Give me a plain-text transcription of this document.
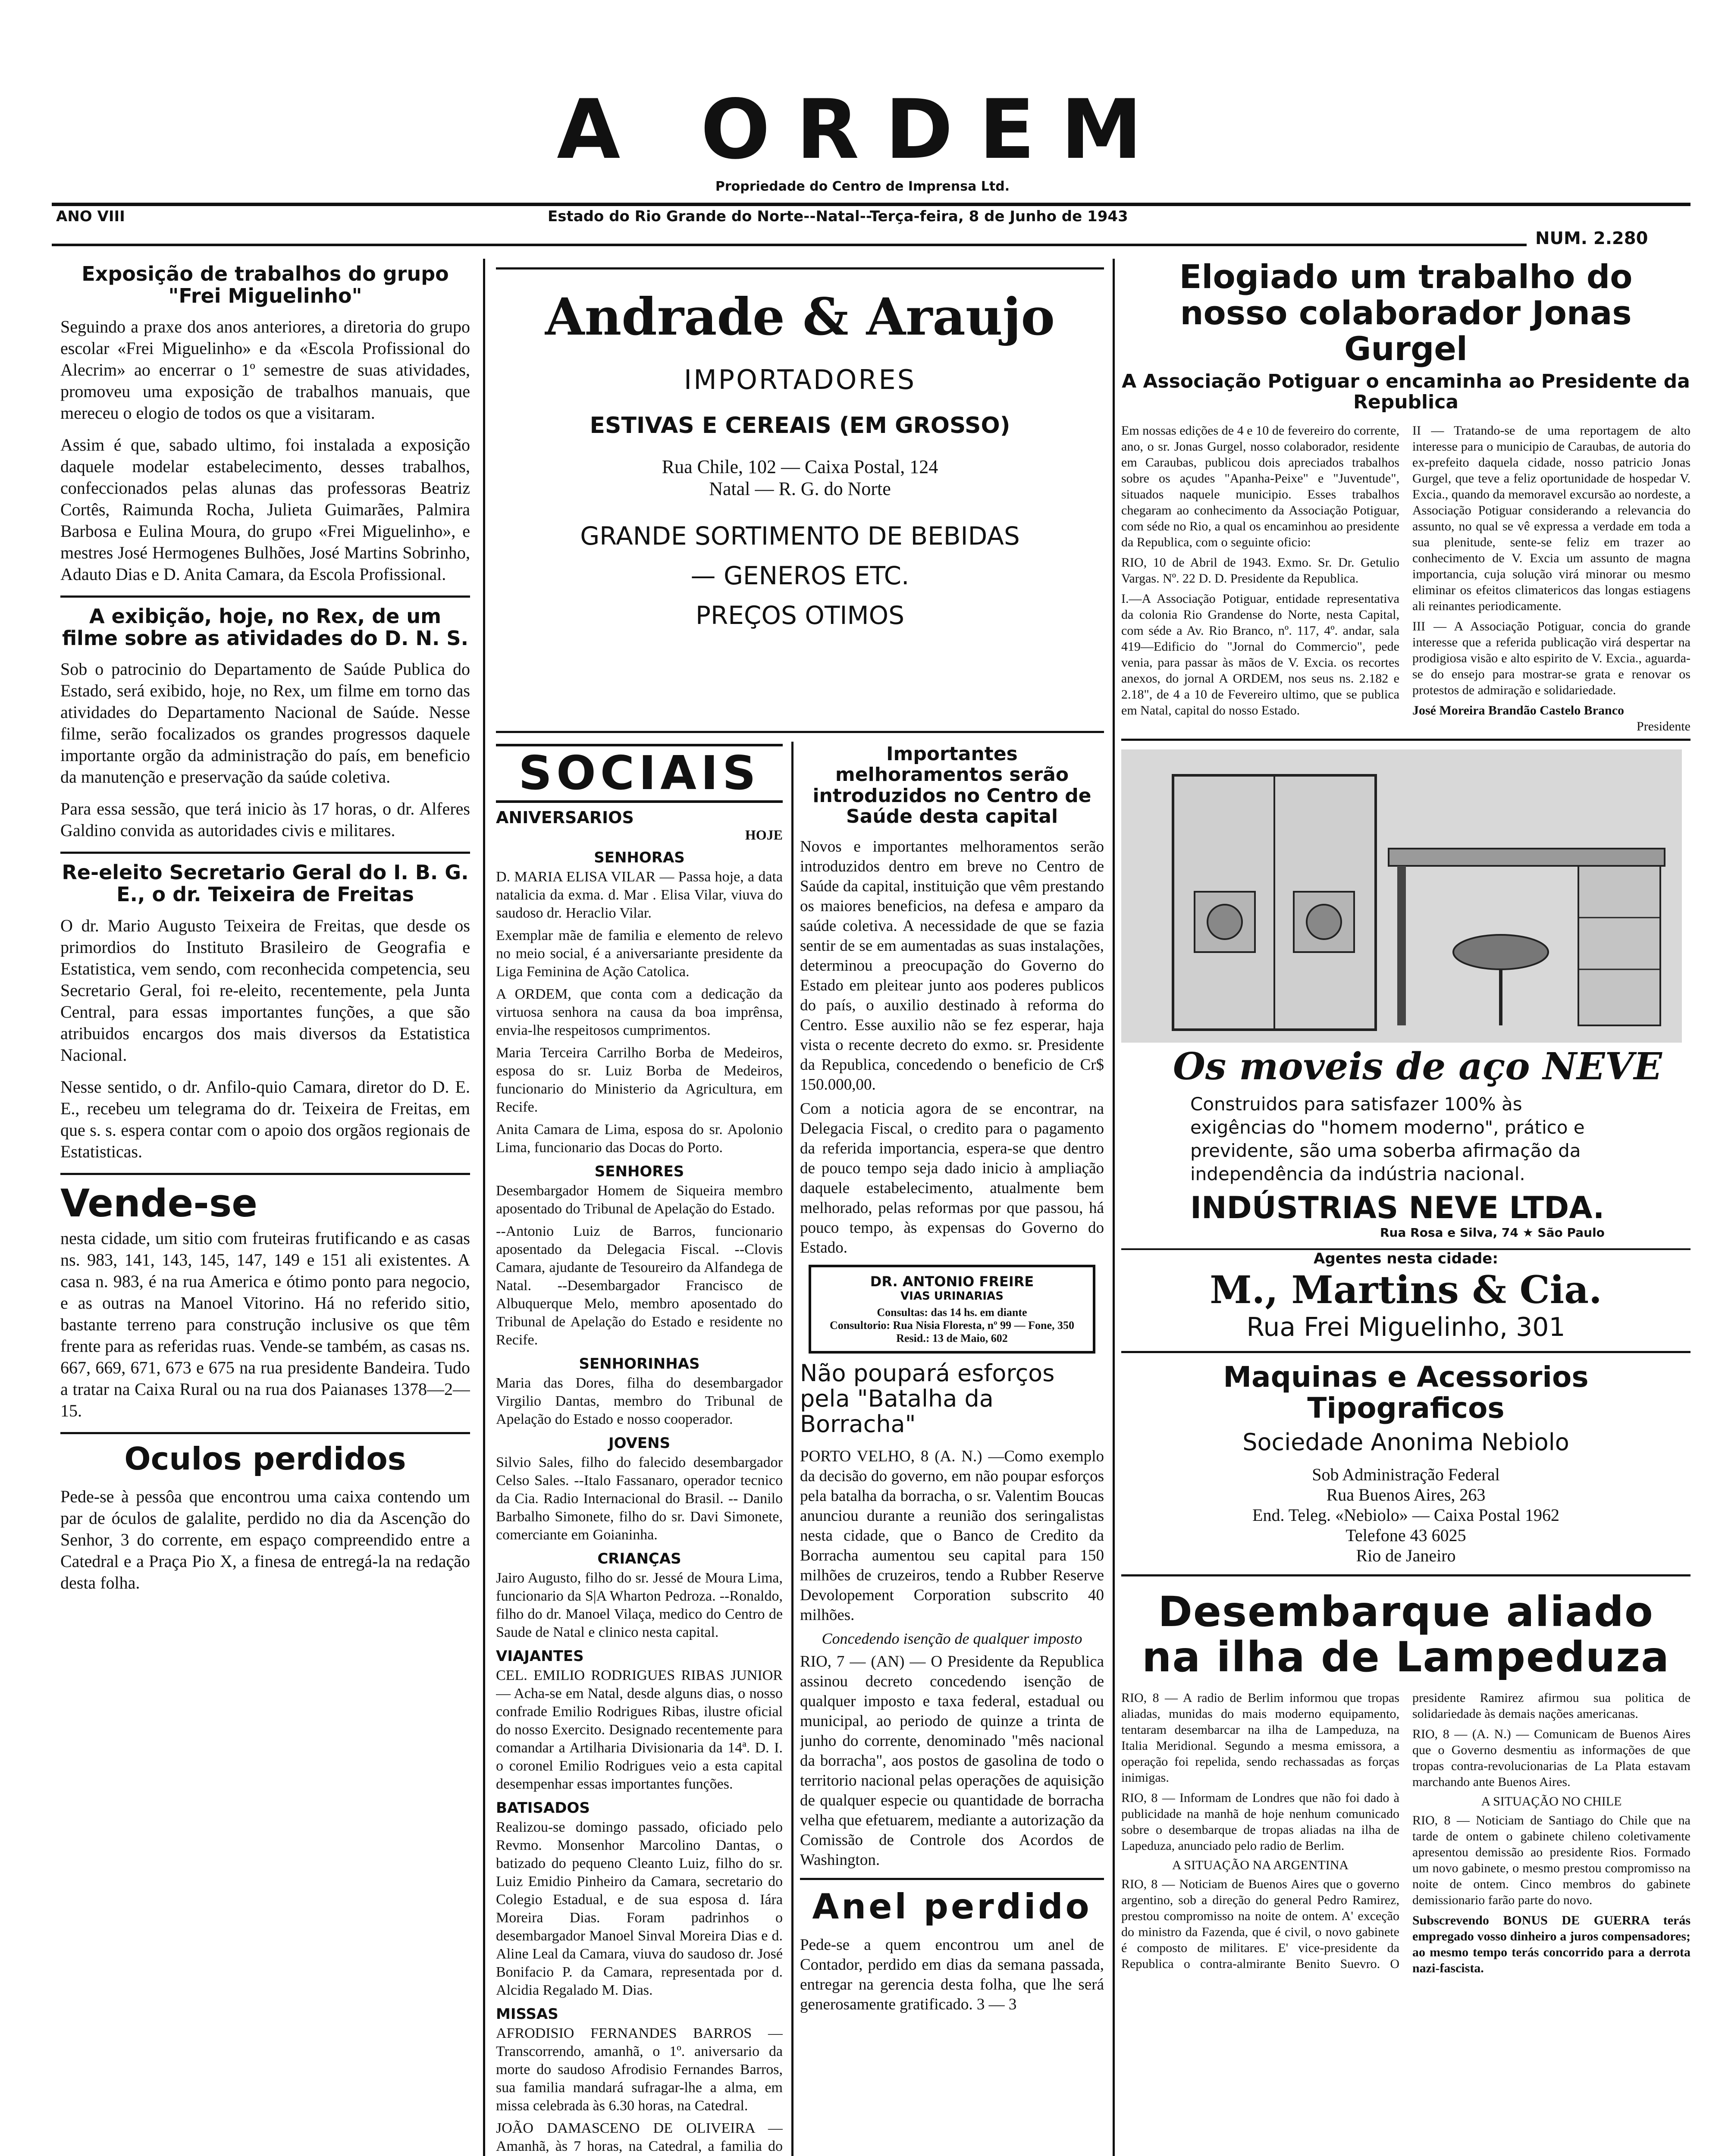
A ORDEM
Propriedade do Centro de Imprensa Ltd.
ANO VIII	Estado do Rio Grande do Norte--Natal--Terça-feira, 8 de Junho de 1943
NUM. 2.280
Exposição de trabalhos do grupo "Frei Miguelinho"

Seguindo a praxe dos anos anteriores, a diretoria do grupo escolar «Frei Miguelinho» e da «Escola Profissional do Alecrim» ao encerrar o 1º semestre de suas atividades, promoveu uma exposição de trabalhos manuais, que mereceu o elogio de todos os que a visitaram.

Assim é que, sabado ultimo, foi instalada a exposição daquele modelar estabelecimento, desses trabalhos, confeccionados pelas alunas das professoras Beatriz Cortês, Raimunda Rocha, Julieta Guimarães, Palmira Barbosa e Eulina Moura, do grupo «Frei Miguelinho», e mestres José Hermogenes Bulhões, José Martins Sobrinho, Adauto Dias e D. Anita Camara, da Escola Profissional.

A exibição, hoje, no Rex, de um filme sobre as atividades do D. N. S.

Sob o patrocinio do Departamento de Saúde Publica do Estado, será exibido, hoje, no Rex, um filme em torno das atividades do Departamento Nacional de Saúde. Nesse filme, serão focalizados os grandes progressos daquele importante orgão da administração do país, em beneficio da manutenção e preservação da saúde coletiva.

Para essa sessão, que terá inicio às 17 horas, o dr. Alferes Galdino convida as autoridades civis e militares.

Re-eleito Secretario Geral do I. B. G. E., o dr. Teixeira de Freitas

O dr. Mario Augusto Teixeira de Freitas, que desde os primordios do Instituto Brasileiro de Geografia e Estatistica, vem sendo, com reconhecida competencia, seu Secretario Geral, foi re-eleito, recentemente, pela Junta Central, para essas importantes funções, a que são atribuidos encargos dos mais diversos da Estatistica Nacional.

Nesse sentido, o dr. Anfilo-quio Camara, diretor do D. E. E., recebeu um telegrama do dr. Teixeira de Freitas, em que s. s. espera contar com o apoio dos orgãos regionais de Estatisticas.

Vende-se

nesta cidade, um sitio com fruteiras frutificando e as casas ns. 983, 141, 143, 145, 147, 149 e 151 ali existentes. A casa n. 983, é na rua America e ótimo ponto para negocio, e as outras na Manoel Vitorino. Há no referido sitio, bastante terreno para construção inclusive os que têm frente para as referidas ruas. Vende-se também, as casas ns. 667, 669, 671, 673 e 675 na rua presidente Bandeira. Tudo a tratar na Caixa Rural ou na rua dos Paianases 1378—2—15.

Oculos perdidos

Pede-se à pessôa que encontrou uma caixa contendo um par de óculos de galalite, perdido no dia da Ascenção do Senhor, 3 do corrente, em espaço compreendido entre a Catedral e a Praça Pio X, a finesa de entregá-la na redação desta folha.

Andrade & Araujo
IMPORTADORES
ESTIVAS E CEREAIS (EM GROSSO)
Rua Chile, 102 — Caixa Postal, 124
Natal — R. G. do Norte
GRANDE SORTIMENTO DE BEBIDAS
— GENEROS ETC.
PREÇOS OTIMOS
SOCIAIS
ANIVERSARIOS
HOJE
SENHORAS

D. MARIA ELISA VILAR — Passa hoje, a data natalicia da exma. d. Mar . Elisa Vilar, viuva do saudoso dr. Heraclio Vilar.

Exemplar mãe de familia e elemento de relevo no meio social, é a aniversariante presidente da Liga Feminina de Ação Catolica.

A ORDEM, que conta com a dedicação da virtuosa senhora na causa da boa imprênsa, envia-lhe respeitosos cumprimentos.

Maria Terceira Carrilho Borba de Medeiros, esposa do sr. Luiz Borba de Medeiros, funcionario do Ministerio da Agricultura, em Recife.

Anita Camara de Lima, esposa do sr. Apolonio Lima, funcionario das Docas do Porto.

SENHORES

Desembargador Homem de Siqueira membro aposentado do Tribunal de Apelação do Estado.

--Antonio Luiz de Barros, funcionario aposentado da Delegacia Fiscal. --Clovis Camara, ajudante de Tesoureiro da Alfandega de Natal. --Desembargador Francisco de Albuquerque Melo, membro aposentado do Tribunal de Apelação do Estado e residente no Recife.

SENHORINHAS

Maria das Dores, filha do desembargador Virgilio Dantas, membro do Tribunal de Apelação do Estado e nosso cooperador.

JOVENS

Silvio Sales, filho do falecido desembargador Celso Sales. --Italo Fassanaro, operador tecnico da Cia. Radio Internacional do Brasil. -- Danilo Barbalho Simonete, filho do sr. Davi Simonete, comerciante em Goianinha.

CRIANÇAS

Jairo Augusto, filho do sr. Jessé de Moura Lima, funcionario da S|A Wharton Pedroza. --Ronaldo, filho do dr. Manoel Vilaça, medico do Centro de Saude de Natal e clinico nesta capital.

VIAJANTES

CEL. EMILIO RODRIGUES RIBAS JUNIOR — Acha-se em Natal, desde alguns dias, o nosso confrade Emilio Rodrigues Ribas, ilustre oficial do nosso Exercito. Designado recentemente para comandar a Artilharia Divisionaria da 14ª. D. I. o coronel Emilio Rodrigues veio a esta capital desempenhar essas importantes funções.

BATISADOS

Realizou-se domingo passado, oficiado pelo Revmo. Monsenhor Marcolino Dantas, o batizado do pequeno Cleanto Luiz, filho do sr. Luiz Emidio Pinheiro da Camara, secretario do Colegio Estadual, e de sua esposa d. Iára Moreira Dias. Foram padrinhos o desembargador Manoel Sinval Moreira Dias e d. Aline Leal da Camara, viuva do saudoso dr. José Bonifacio P. da Camara, representada por d. Alcidia Regalado M. Dias.

MISSAS

AFRODISIO FERNANDES BARROS — Transcorrendo, amanhã, o 1º. aniversario da morte do saudoso Afrodisio Fernandes Barros, sua familia mandará sufragar-lhe a alma, em missa celebrada às 6.30 horas, na Catedral.

JOÃO DAMASCENO DE OLIVEIRA — Amanhã, às 7 horas, na Catedral, a familia do

Importantes melhoramentos serão introduzidos no Centro de Saúde desta capital

Novos e importantes melhoramentos serão introduzidos dentro em breve no Centro de Saúde da capital, instituição que vêm prestando os maiores beneficios, na defesa e amparo da saúde coletiva. A necessidade de que se fazia sentir de se em aumentadas as suas instalações, determinou a preocupação do Governo do Estado em pleitear junto aos poderes publicos do país, o auxilio destinado à reforma do Centro. Esse auxilio não se fez esperar, haja vista o recente decreto do exmo. sr. Presidente da Republica, concedendo o beneficio de Cr$ 150.000,00.

Com a noticia agora de se encontrar, na Delegacia Fiscal, o credito para o pagamento da referida importancia, espera-se que dentro de pouco tempo seja dado inicio à ampliação daquele estabelecimento, atualmente bem melhorado, pelas reformas por que passou, há pouco tempo, às expensas do Governo do Estado.

DR. ANTONIO FREIRE
VIAS URINARIAS
Consultas: das 14 hs. em diante
Consultorio: Rua Nisia Floresta, nº 99 — Fone, 350
Resid.: 13 de Maio, 602
Não poupará esforços pela "Batalha da Borracha"

PORTO VELHO, 8 (A. N.) —Como exemplo da decisão do governo, em não poupar esforços pela batalha da borracha, o sr. Valentim Boucas anunciou durante a reunião dos seringalistas nesta cidade, que o Banco de Credito da Borracha aumentou seu capital para 150 milhões de cruzeiros, tendo a Rubber Reserve Devolopement Corporation subscrito 40 milhões.

Concedendo isenção de qualquer imposto

RIO, 7 — (AN) — O Presidente da Republica assinou decreto concedendo isenção de qualquer imposto e taxa federal, estadual ou municipal, ao periodo de quinze a trinta de junho do corrente, denominado "mês nacional da borracha", aos postos de gasolina de todo o territorio nacional pelas operações de aquisição de qualquer especie ou quantidade de borracha velha que efetuarem, mediante a autorização da Comissão de Controle dos Acordos de Washington.

Anel perdido

Pede-se a quem encontrou um anel de Contador, perdido em dias da semana passada, entregar na gerencia desta folha, que lhe será generosamente gratificado. 3 — 3

Elogiado um trabalho do nosso colaborador Jonas Gurgel
A Associação Potiguar o encaminha ao Presidente da Republica

Em nossas edições de 4 e 10 de fevereiro do corrente, ano, o sr. Jonas Gurgel, nosso colaborador, residente em Caraubas, publicou dois apreciados trabalhos sobre os açudes "Apanha-Peixe" e "Juventude", situados naquele municipio. Esses trabalhos chegaram ao conhecimento da Associação Potiguar, com séde no Rio, a qual os encaminhou ao presidente da Republica, com o seguinte oficio:

RIO, 10 de Abril de 1943. Exmo. Sr. Dr. Getulio Vargas. Nº. 22 D. D. Presidente da Republica.

I.—A Associação Potiguar, entidade representativa da colonia Rio Grandense do Norte, nesta Capital, com séde a Av. Rio Branco, nº. 117, 4º. andar, sala 419—Edificio do "Jornal do Commercio", pede venia, para passar às mãos de V. Excia. os recortes anexos, do jornal A ORDEM, nos seus ns. 2.182 e 2.18", de 4 a 10 de Fevereiro ultimo, que se publica em Natal, capital do nosso Estado.

II — Tratando-se de uma reportagem de alto interesse para o municipio de Caraubas, de autoria do ex-prefeito daquela cidade, nosso patricio Jonas Gurgel, que teve a feliz oportunidade de hospedar V. Excia., quando da memoravel excursão ao nordeste, a Associação Potiguar considerando a relevancia do assunto, no qual se vê expressa a verdade em toda a sua plenitude, sente-se feliz em trazer ao conhecimento de V. Excia um assunto de magna importancia, cuja solução virá minorar ou mesmo eliminar os efeitos climatericos das longas estiagens ali reinantes periodicamente.

III — A Associação Potiguar, concia do grande interesse que a referida publicação virá despertar na prodigiosa visão e alto espirito de V. Excia., aguarda-se do ensejo para mostrar-se grata e renovar os protestos de admiração e solidariedade.

José Moreira Brandão Castelo Branco

Presidente

Os moveis de aço NEVE

Construidos para satisfazer 100% às exigências do "homem moderno", prático e previdente, são uma soberba afirmação da independência da indústria nacional.

INDÚSTRIAS NEVE LTDA.
Rua Rosa e Silva, 74 ★ São Paulo
Agentes nesta cidade:
M., Martins & Cia.
Rua Frei Miguelinho, 301
Maquinas e Acessorios Tipograficos
Sociedade Anonima Nebiolo
Sob Administração Federal
Rua Buenos Aires, 263
End. Teleg. «Nebiolo» — Caixa Postal 1962
Telefone 43 6025
Rio de Janeiro
Desembarque aliado na ilha de Lampeduza

RIO, 8 — A radio de Berlim informou que tropas aliadas, munidas do mais moderno equipamento, tentaram desembarcar na ilha de Lampeduza, na Italia Meridional. Segundo a mesma emissora, a operação foi repelida, sendo rechassadas as forças inimigas.

RIO, 8 — Informam de Londres que não foi dado à publicidade na manhã de hoje nenhum comunicado sobre o desembarque de tropas aliadas na ilha de Lapeduza, anunciado pelo radio de Berlim.

A SITUAÇÃO NA ARGENTINA

RIO, 8 — Noticiam de Buenos Aires que o governo argentino, sob a direção do general Pedro Ramirez, prestou compromisso na noite de ontem. A' exceção do ministro da Fazenda, que é civil, o novo gabinete é composto de militares. E' vice-presidente da Republica o contra-almirante Benito Suevro. O presidente Ramirez afirmou sua politica de solidariedade às demais nações americanas.

RIO, 8 — (A. N.) — Comunicam de Buenos Aires que o Governo desmentiu as informações de que tropas contra-revolucionarias de La Plata estavam marchando ante Buenos Aires.

A SITUAÇÃO NO CHILE

RIO, 8 — Noticiam de Santiago do Chile que na tarde de ontem o gabinete chileno coletivamente apresentou demissão ao presidente Rios. Formado um novo gabinete, o mesmo prestou compromisso na noite de ontem. Cinco membros do gabinete demissionario farão parte do novo.

Subscrevendo BONUS DE GUERRA terás empregado vosso dinheiro a juros compensadores; ao mesmo tempo terás concorrido para a derrota nazi-fascista.
